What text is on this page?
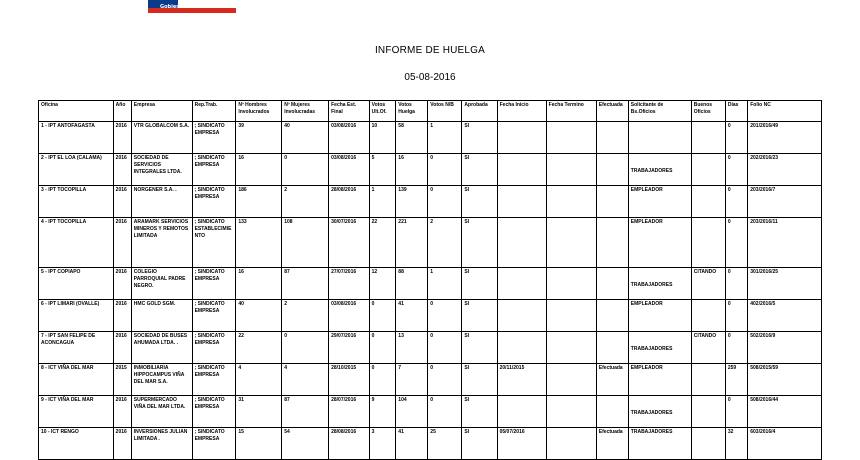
Gobierno de Chile
INFORME DE HUELGA
05-08-2016
Oficina	Año	Empresa	Rep.Trab.	Nº Hombres Involucrados	Nº Mujeres Involucradas	Fecha Est. Final	Votos Ult.Of.	Votos Huelga	Votos N/B	Aprobada	Fecha Inicio	Fecha Termino	Efectuada	Solicitante de Bs.Oficios	Buenos Oficios	Días	Folio NC
1 - IPT ANTOFAGASTA	2016	VTR GLOBALCOM S.A.	; SINDICATO EMPRESA	39	40	03/08/2016	10	58	1	SI						0	201/2016/49
2 - IPT EL LOA (CALAMA)	2016	SOCIEDAD DE SERVICIOS INTEGRALES LTDA.	; SINDICATO EMPRESA	16	0	03/08/2016	5	16	0	SI				TRABAJADORES		0	202/2016/23
3 - IPT TOCOPILLA	2016	NORGENER S.A. .	; SINDICATO EMPRESA	186	2	28/08/2016	1	139	0	SI				EMPLEADOR		0	203/2016/7
4 - IPT TOCOPILLA	2016	ARAMARK SERVICIOS MINEROS Y REMOTOS LIMITADA	; SINDICATO ESTABLECIMIENTO	133	108	30/07/2016	22	221	2	SI				EMPLEADOR		0	203/2016/11
5 - IPT COPIAPO	2016	COLEGIO PARROQUIAL PADRE NEGRO.	; SINDICATO EMPRESA	16	87	27/07/2016	12	88	1	SI				TRABAJADORES	CITANDO	0	301/2016/25
6 - IPT LIMARI (OVALLE)	2016	HMC GOLD SGM.	; SINDICATO EMPRESA	40	2	03/08/2016	0	41	0	SI				EMPLEADOR		0	402/2016/5
7 - IPT SAN FELIPE DE ACONCAGUA	2016	SOCIEDAD DE BUSES AHUMADA LTDA. .	; SINDICATO EMPRESA	22	0	29/07/2016	0	13	0	SI				TRABAJADORES	CITANDO	0	502/2016/9
8 - ICT VIÑA DEL MAR	2015	INMOBILIARIA HIPPOCAMPUS VIÑA DEL MAR S.A.	; SINDICATO EMPRESA	4	4	28/10/2015	0	7	0	SI	20/11/2015		Efectuada	EMPLEADOR		259	508/2015/59
9 - ICT VIÑA DEL MAR	2016	SUPERMERCADO VIÑA DEL MAR LTDA.	; SINDICATO EMPRESA	31	87	28/07/2016	9	104	0	SI				TRABAJADORES		0	508/2016/44
10 - ICT RENGO	2016	INVERSIONES JULIAN LIMITADA .	; SINDICATO EMPRESA	15	54	28/08/2016	3	41	25	SI	05/07/2016		Efectuada	TRABAJADORES		32	603/2016/4
